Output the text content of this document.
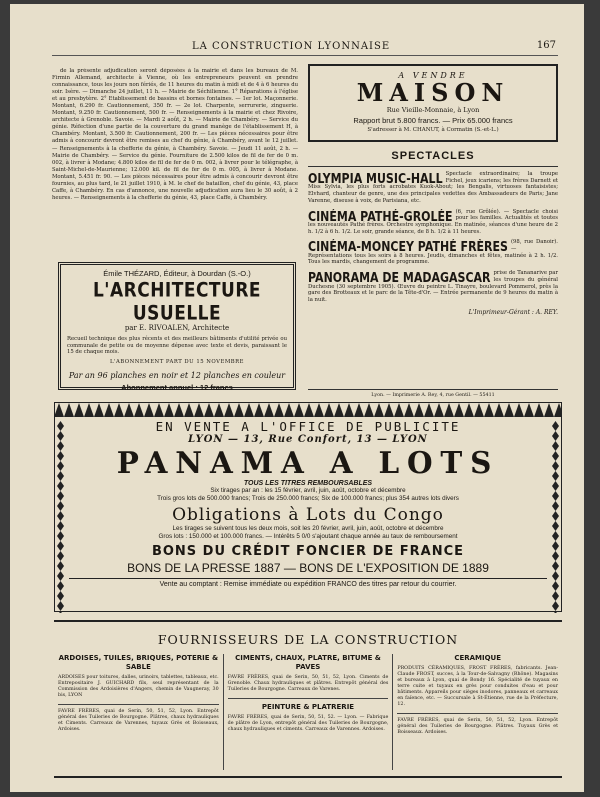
LA CONSTRUCTION LYONNAISE	167

de la présente adjudication seront déposées à la mairie et dans les bureaux de M. Firmin Allemand, architecte à Vienne, où les entrepreneurs peuvent en prendre connaissance, tous les jours non fériés, de 11 heures du matin à midi et de 4 à 6 heures du soir. Isère. — Dimanche 24 juillet, 11 h. — Mairie de Séchilienne. 1° Réparations à l'église et au presbytère. 2° Etablissement de bassins et bornes fontaines. — 1er lot. Maçonnerie. Montant, 6.290 fr. Cautionnement, 350 fr. — 2e lot. Charpente, serrurerie, zinguerie. Montant, 9.250 fr. Cautionnement, 500 fr. — Renseignements à la mairie et chez Rivoire, architecte à Grenoble. Savoie. — Mardi 2 août, 2 h. — Mairie de Chambéry. — Service du génie. Réfection d'une partie de la couverture du grand manège de l'établissement H, à Chambéry. Montant, 3.500 fr. Cautionnement, 200 fr. — Les pièces nécessaires pour être admis à concourir devront être remises au chef du génie, à Chambéry, avant le 12 juillet. — Renseignements à la chefferie du génie, à Chambéry. Savoie. — Jeudi 11 août, 2 h. — Mairie de Chambéry. — Service du génie. Fourniture de 2.500 kilos de fil de fer de 0 m. 002, à livrer à Modane; 4.800 kilos de fil de fer de 0 m. 002, à livrer pour le télégraphe, à Saint-Michel-de-Maurienne; 12.000 kil. de fil de fer de 0 m. 005, à livrer à Modane. Montant, 5.451 fr. 90. — Les pièces nécessaires pour être admis à concourir devront être fournies, au plus tard, le 21 juillet 1910, à M. le chef de bataillon, chef du génie, 43, place Caffe, à Chambéry. En cas d'annonce, une nouvelle adjudication aura lieu le 30 août, à 2 heures. — Renseignements à la chefferie du génie, 43, place Caffe, à Chambéry.

Émile THÉZARD, Éditeur, à Dourdan (S.-O.)
L'ARCHITECTURE USUELLE
par E. RIVOALEN, Architecte
Recueil technique des plus récents et des meilleurs bâtiments d'utilité privée ou communale de petite ou de moyenne dépense avec texte et devis, paraissant le 15 de chaque mois.
L'ABONNEMENT PART DU 15 NOVEMBRE
Par an 96 planches en noir et 12 planches en couleur
Abonnement annuel : 12 francs
A VENDRE
MAISON
Rue Vieille-Monnaie, à Lyon
Rapport brut 5.800 francs. — Prix 65.000 francs
S'adresser à M. CHANUT, à Cormatin (S.-et-L.)
SPECTACLES
OLYMPIA MUSIC-HALL Spectacle extraordinaire; la troupe Fichel, jeux icariens; les frères Darnett et Miss Sylvia, les plus forts acrobates Kuok-About; les Bengalis, virtuoses fantaisistes; Elvhard, chanteur de genre, une des principales vedettes des Ambassadeurs de Paris; Jane Varenne, diseuse à voix, de Parisiana, etc.
CINÉMA PATHÉ-GROLÉE (6, rue Grôlée). — Spectacle choisi pour les familles. Actualités et toutes les nouveautés Pathé frères. Orchestre symphonique. En matinée, séances d'une heure de 2 h. 1/2 à 6 h. 1/2. Le soir, grande séance, de 8 h. 1/2 à 11 heures.
CINÉMA-MONCEY PATHÉ FRÈRES (98, rue Danoir). — Représentations tous les soirs à 8 heures. Jeudis, dimanches et fêtes, matinée à 2 h. 1/2. Tous les mardis, changement de programme.
PANORAMA DE MADAGASCAR prise de Tananarive par les troupes du général Duchesne (30 septembre 1905). Œuvre du peintre L. Tinayre, boulevard Pommerol, près la gare des Brotteaux et le parc de la Tête-d'Or. — Entrée permanente de 9 heures du matin à la nuit.
L'Imprimeur-Gérant : A. REY.
Lyon. — Imprimerie A. Rey, 4, rue Gentil. — 55411
EN VENTE A L'OFFICE DE PUBLICITE
LYON — 13, Rue Confort, 13 — LYON
PANAMA A LOTS
TOUS LES TITRES REMBOURSABLES
Six tirages par an : les 15 février, avril, juin, août, octobre et décembre
Trois gros lots de 500.000 francs; Trois de 250.000 francs; Six de 100.000 francs; plus 354 autres lots divers
Obligations à Lots du Congo
Les tirages se suivent tous les deux mois, soit les 20 février, avril, juin, août, octobre et décembre
Gros lots : 150.000 et 100.000 francs. — Intérêts 5 0/0 s'ajoutant chaque année au taux de remboursement
BONS DU CRÉDIT FONCIER DE FRANCE
BONS DE LA PRESSE 1887 — BONS DE L'EXPOSITION DE 1889
Vente au comptant : Remise immédiate ou expédition FRANCO des titres par retour du courrier.
FOURNISSEURS DE LA CONSTRUCTION
ARDOISES, TUILES, BRIQUES, POTERIE & SABLE
ARDOISES pour toitures, dalles, urinoirs, tablettes, tableaux, etc. Entrepositaire J. GUICHARD fils, seul représentant de la Commission des Ardoisières d'Angers, chemin de Vaugneray, 30 bis, LYON
FAVRE FRÈRES, quai de Serin, 50, 51, 52, Lyon. Entrepôt général des Tuileries de Bourgogne. Plâtres, chaux hydrauliques et Ciments. Carreaux de Varennes, tuyaux Grès et Boisseaux, Ardoises.
CIMENTS, CHAUX, PLATRE, BITUME & PAVES
FAVRE FRÈRES, quai de Serin, 50, 51, 52, Lyon. Ciments de Grenoble. Chaux hydrauliques et plâtres. Entrepôt général des Tuileries de Bourgogne. Carreaux de Varenes.
PEINTURE & PLATRERIE
FAVRE FRÈRES, quai de Serin, 50, 51, 52. — Lyon. — Fabrique de plâtre de Lyon, entrepôt général des Tuileries de Bourgogne, chaux hydrauliques et ciments. Carreaux de Varennes. Ardoises.
CERAMIQUE
PRODUITS CÉRAMIQUES, FROST FRÈRES, fabricants. Jean-Claude FROST, succes, à la Tour-de-Salvagny (Rhône). Magasins et bureaux à Lyon, quai de Bondy 16. Spécialité de tuyaux en terre cuite et tuyaux en grès pour conduites d'eau et pour bâtiments. Appareils pour sièges inodores, panneaux et carreaux en faïence, etc. — Succursale à St-Étienne, rue de la Préfecture, 12.
FAVRE FRÈRES, quai de Serin, 50, 51, 52, Lyon. Entrepôt général des Tuileries de Bourgogne. Plâtres. Tuyaux Grès et Boisseaux. Ardoises.
